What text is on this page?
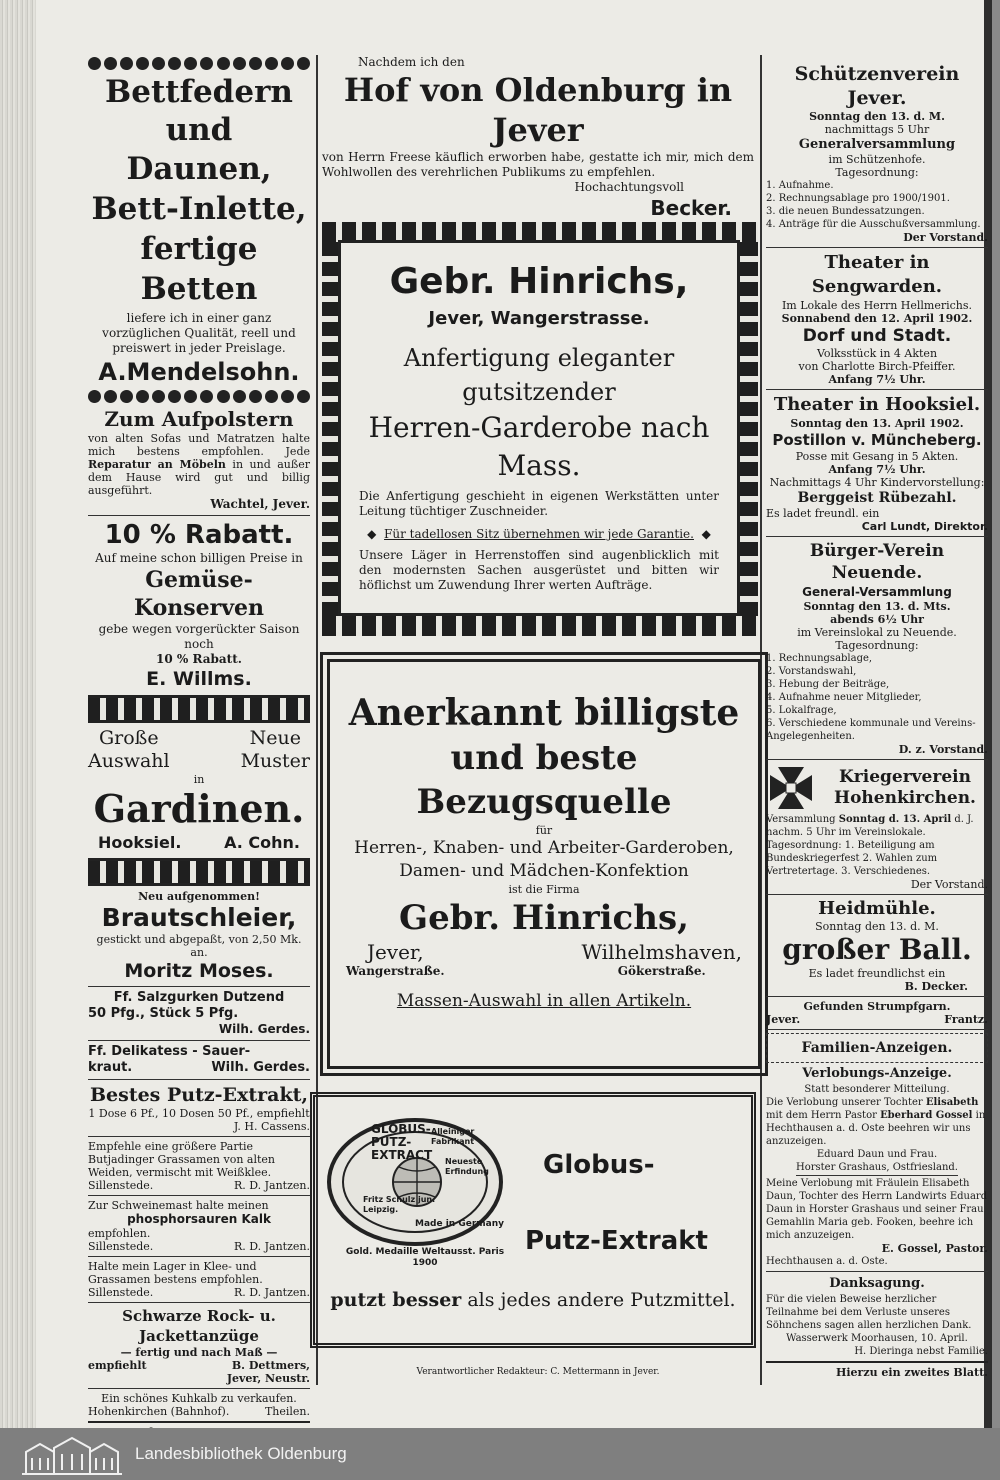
Bettfedern und
Daunen,
Bett-Inlette,
fertige Betten
liefere ich in einer ganz vorzüglichen Qualität, reell und preiswert in jeder Preislage.
A.Mendelsohn.
Zum Aufpolstern
von alten Sofas und Matratzen halte mich bestens empfohlen. Jede Reparatur an Möbeln in und außer dem Hause wird gut und billig ausgeführt.
Wachtel, Jever.
10 % Rabatt.
Auf meine schon billigen Preise in
Gemüse-Konserven
gebe wegen vorgerückter Saison noch
10 % Rabatt.
E. Willms.
Große
Auswahl
Neue
Muster
in
Gardinen.
Hooksiel.	A. Cohn.
Neu aufgenommen!
Brautschleier,
gestickt und abgepaßt, von 2,50 Mk. an.
Moritz Moses.
Ff. Salzgurken Dutzend
50 Pfg., Stück 5 Pfg.
Wilh. Gerdes.
Ff. Delikatess - Sauer-
kraut.	Wilh. Gerdes.
Bestes Putz-Extrakt,
1 Dose 6 Pf., 10 Dosen 50 Pf., empfiehlt
J. H. Cassens.
Empfehle eine größere Partie Butjadinger Grassamen von alten Weiden, vermischt mit Weißklee.
Sillenstede.	R. D. Jantzen.
Zur Schweinemast halte meinen
phosphorsauren Kalk
empfohlen.
Sillenstede.	R. D. Jantzen.
Halte mein Lager in Klee- und Grassamen bestens empfohlen.
Sillenstede.	R. D. Jantzen.
Schwarze Rock- u. Jackettanzüge
— fertig und nach Maß —
empfiehlt	B. Dettmers,
Jever, Neustr.
Ein schönes Kuhkalb zu verkaufen.
Hohenkirchen (Bahnhof).	Theilen.
Nachdem ich den
Hof von Oldenburg in Jever
von Herrn Freese käuflich erworben habe, gestatte ich mir, mich dem Wohlwollen des verehrlichen Publikums zu empfehlen.
Hochachtungsvoll
Becker.
Gebr. Hinrichs,
Jever, Wangerstrasse.
Anfertigung eleganter gutsitzender
Herren-Garderobe nach Mass.
Die Anfertigung geschieht in eigenen Werkstätten unter Leitung tüchtiger Zuschneider.
◆  Für tadellosen Sitz übernehmen wir jede Garantie.  ◆
Unsere Läger in Herrenstoffen sind augenblicklich mit den modernsten Sachen ausgerüstet und bitten wir höflichst um Zuwendung Ihrer werten Aufträge.
Anerkannt billigste
und beste Bezugsquelle
für
Herren-, Knaben- und Arbeiter-Garderoben,
Damen- und Mädchen-Konfektion
ist die Firma
Gebr. Hinrichs,
Jever,
Wangerstraße.
Wilhelmshaven,
Gökerstraße.
Massen-Auswahl in allen Artikeln.
GLOBUS-
PUTZ-
EXTRACT
Alleiniger Fabrikant
Neueste Erfindung
Fritz Schulz jun.
Leipzig.
Made in Germany
Gold. Medaille Weltausst. Paris 1900
Globus-
Putz-Extrakt
putzt besser als jedes andere Putzmittel.
Verantwortlicher Redakteur: C. Mettermann in Jever.
Schützenverein Jever.
Sonntag den 13. d. M.
nachmittags 5 Uhr
Generalversammlung
im Schützenhofe.
Tagesordnung:
1. Aufnahme.
2. Rechnungsablage pro 1900/1901.
3. die neuen Bundessatzungen.
4. Anträge für die Ausschußversammlung.
Der Vorstand.
Theater in Sengwarden.
Im Lokale des Herrn Hellmerichs.
Sonnabend den 12. April 1902.
Dorf und Stadt.
Volksstück in 4 Akten
von Charlotte Birch-Pfeiffer.
Anfang 7½ Uhr.
Theater in Hooksiel.
Sonntag den 13. April 1902.
Postillon v. Müncheberg.
Posse mit Gesang in 5 Akten.
Anfang 7½ Uhr.
Nachmittags 4 Uhr Kindervorstellung:
Berggeist Rübezahl.
Es ladet freundl. ein
Carl Lundt, Direktor.
Bürger-Verein Neuende.
General-Versammlung
Sonntag den 13. d. Mts.
abends 6½ Uhr
im Vereinslokal zu Neuende.
Tagesordnung:
1. Rechnungsablage,
2. Vorstandswahl,
3. Hebung der Beiträge,
4. Aufnahme neuer Mitglieder,
5. Lokalfrage,
6. Verschiedene kommunale und Vereins-Angelegenheiten.
D. z. Vorstand.
Kriegerverein
Hohenkirchen.
Versammlung Sonntag d. 13. April d. J. nachm. 5 Uhr im Vereinslokale.
Tagesordnung: 1. Beteiligung am Bundeskriegerfest 2. Wahlen zum Vertretertage. 3. Verschiedenes.
Der Vorstand.
Heidmühle.
Sonntag den 13. d. M.
großer Ball.
Es ladet freundlichst ein
B. Decker.
Gefunden Strumpfgarn.
Jever.	Frantz.
Familien-Anzeigen.
Verlobungs-Anzeige.
Statt besonderer Mitteilung.
Die Verlobung unserer Tochter Elisabeth mit dem Herrn Pastor Eberhard Gossel in Hechthausen a. d. Oste beehren wir uns anzuzeigen.
Eduard Daun und Frau.
Horster Grashaus, Ostfriesland.
Meine Verlobung mit Fräulein Elisabeth Daun, Tochter des Herrn Landwirts Eduard Daun in Horster Grashaus und seiner Frau Gemahlin Maria geb. Fooken, beehre ich mich anzuzeigen.
E. Gossel, Pastor.
Hechthausen a. d. Oste.
Danksagung.
Für die vielen Beweise herzlicher Teilnahme bei dem Verluste unseres Söhnchens sagen allen herzlichen Dank.
Wasserwerk Moorhausen, 10. April.
H. Dieringa nebst Familie.
Hierzu ein zweites Blatt.
Landesbibliothek Oldenburg
